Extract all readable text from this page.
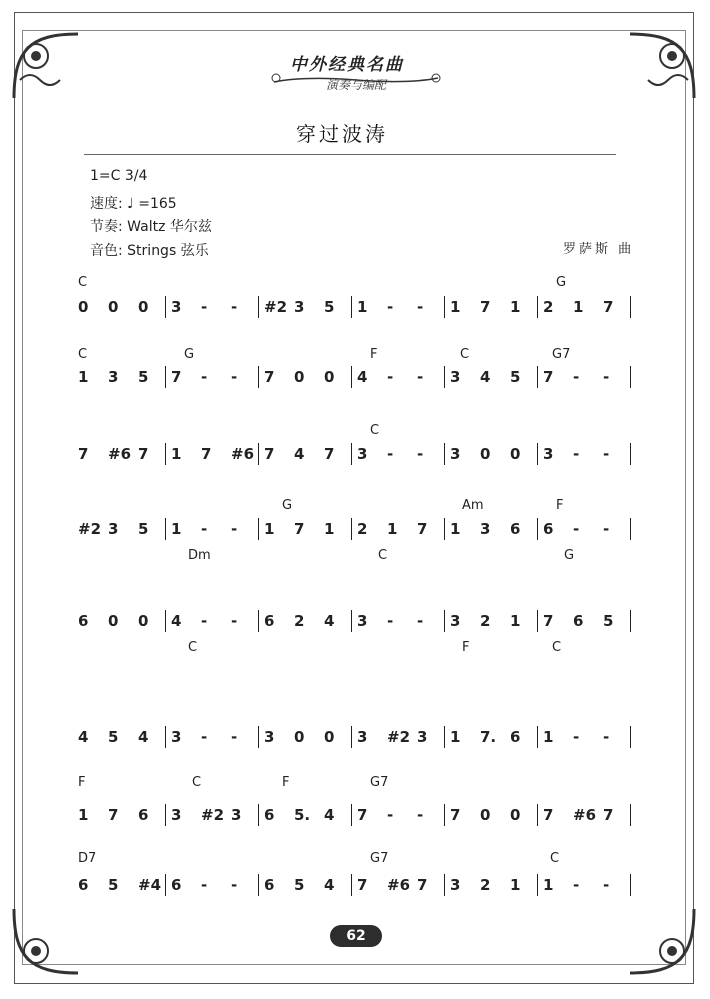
中外经典名曲
演奏与编配
穿过波涛
1=C 3/4
速度: ♩ =165
节奏: Waltz 华尔兹
音色: Strings 弦乐	罗萨斯 曲
0 0 0 3 - - #2 3 5 1 - - 1 7 1 2 1 7
C	G
1 3 5 7 - - 7 0 0 4 - - 3 4 5 7 - -
C	G	F	C	G7
7 #6 7 1 7 #6 7 4 7 3 - - 3 0 0 3 - -
C
#2 3 5 1 - - 1 7 1 2 1 7 1 3 6 6 - -
G	Am	F
6 0 0 4 - - 6 2 4 3 - - 3 2 1 7 6 5
Dm	C	G
4 5 4 3 - - 3 0 0 3 #2 3 1 7. 6 1 - -
C	F	C
1 7 6 3 #2 3 6 5. 4 7 - - 7 0 0 7 #6 7
F	C	F	G7
6 5 #4 6 - - 6 5 4 7 #6 7 3 2 1 1 - -
D7	G7	C
62
